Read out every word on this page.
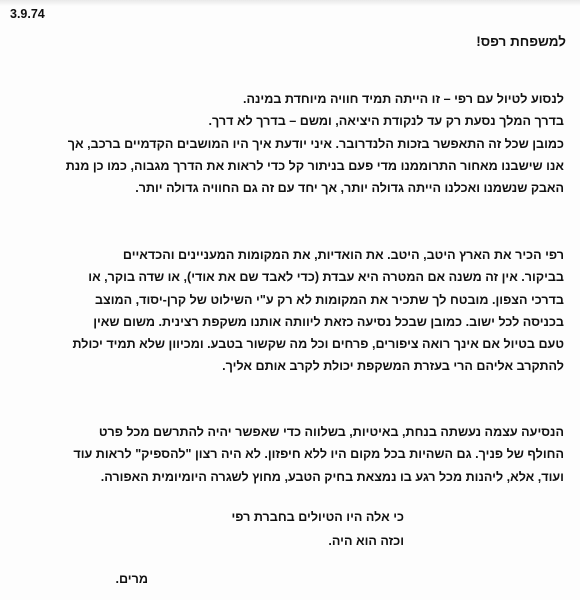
3.9.74
למשפחת רפס!
לנסוע לטיול עם רפי – זו הייתה תמיד חוויה מיוחדת במינה.
בדרך המלך נסעת רק עד לנקודת היציאה, ומשם – בדרך לא דרך.
כמובן שכל זה התאפשר בזכות הלנדרובר. איני יודעת איך היו המושבים הקדמיים ברכב, אך
אנו שישבנו מאחור התרוממנו מדי פעם בניתור קל כדי לראות את הדרך מגבוה, כמו כן מנת
האבק שנשמנו ואכלנו הייתה גדולה יותר, אך יחד עם זה גם החוויה גדולה יותר.
רפי הכיר את הארץ היטב, היטב. את הואדיות, את המקומות המעניינים והכדאיים
בביקור. אין זה משנה אם המטרה היא עבדת (כדי לאבד שם את אודי), או שדה בוקר, או
בדרכי הצפון. מובטח לך שתכיר את המקומות לא רק ע"י השילוט של קרן-יסוד, המוצב
בכניסה לכל ישוב. כמובן שבכל נסיעה כזאת ליוותה אותנו משקפת רצינית. משום שאין
טעם בטיול אם אינך רואה ציפורים, פרחים וכל מה שקשור בטבע. ומכיוון שלא תמיד יכולת
להתקרב אליהם הרי בעזרת המשקפת יכולת לקרב אותם אליך.
הנסיעה עצמה נעשתה בנחת, באיטיות, בשלווה כדי שאפשר יהיה להתרשם מכל פרט
החולף של פניך. גם השהיות בכל מקום היו ללא חיפזון. לא היה רצון "להספיק" לראות עוד
ועוד, אלא, ליהנות מכל רגע בו נמצאת בחיק הטבע, מחוץ לשגרה היומיומית האפורה.
כי אלה היו הטיולים בחברת רפי
וכזה הוא היה.
מרים.
